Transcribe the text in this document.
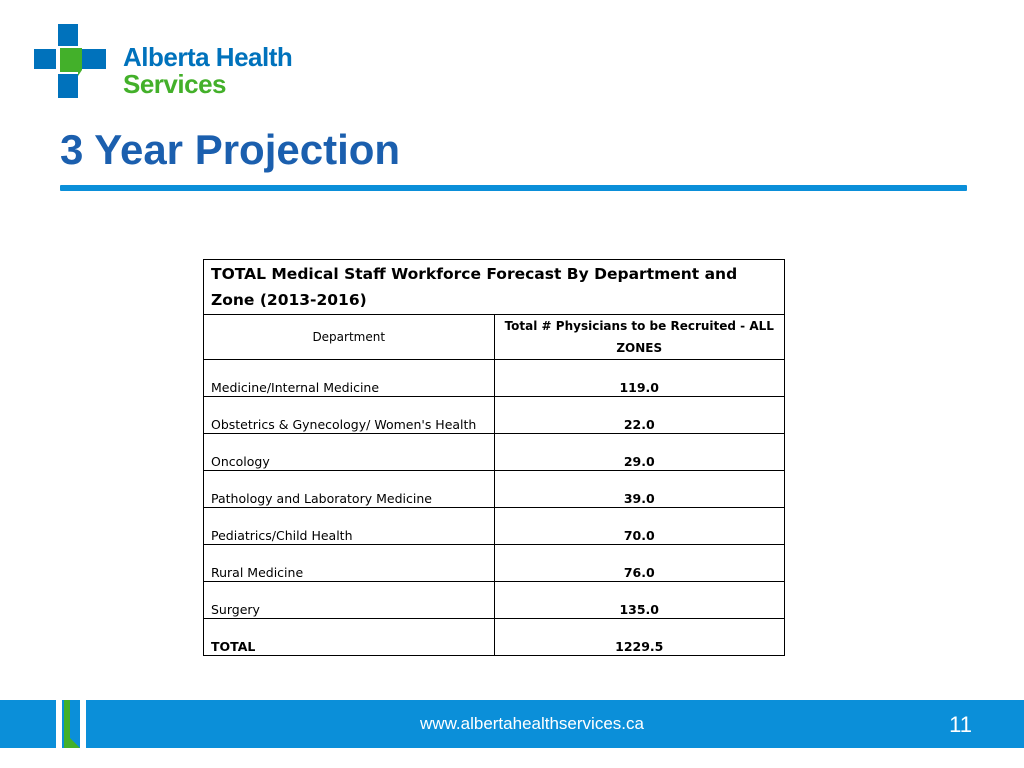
Alberta Health
Services
3 Year Projection
TOTAL Medical Staff Workforce Forecast By Department and Zone (2013-2016)	
Department	Total # Physicians to be Recruited - ALL ZONES
Medicine/Internal Medicine	119.0
Obstetrics & Gynecology/ Women's Health	22.0
Oncology	29.0
Pathology and Laboratory Medicine	39.0
Pediatrics/Child Health	70.0
Rural Medicine	76.0
Surgery	135.0
TOTAL	1229.5
www.albertahealthservices.ca	11
